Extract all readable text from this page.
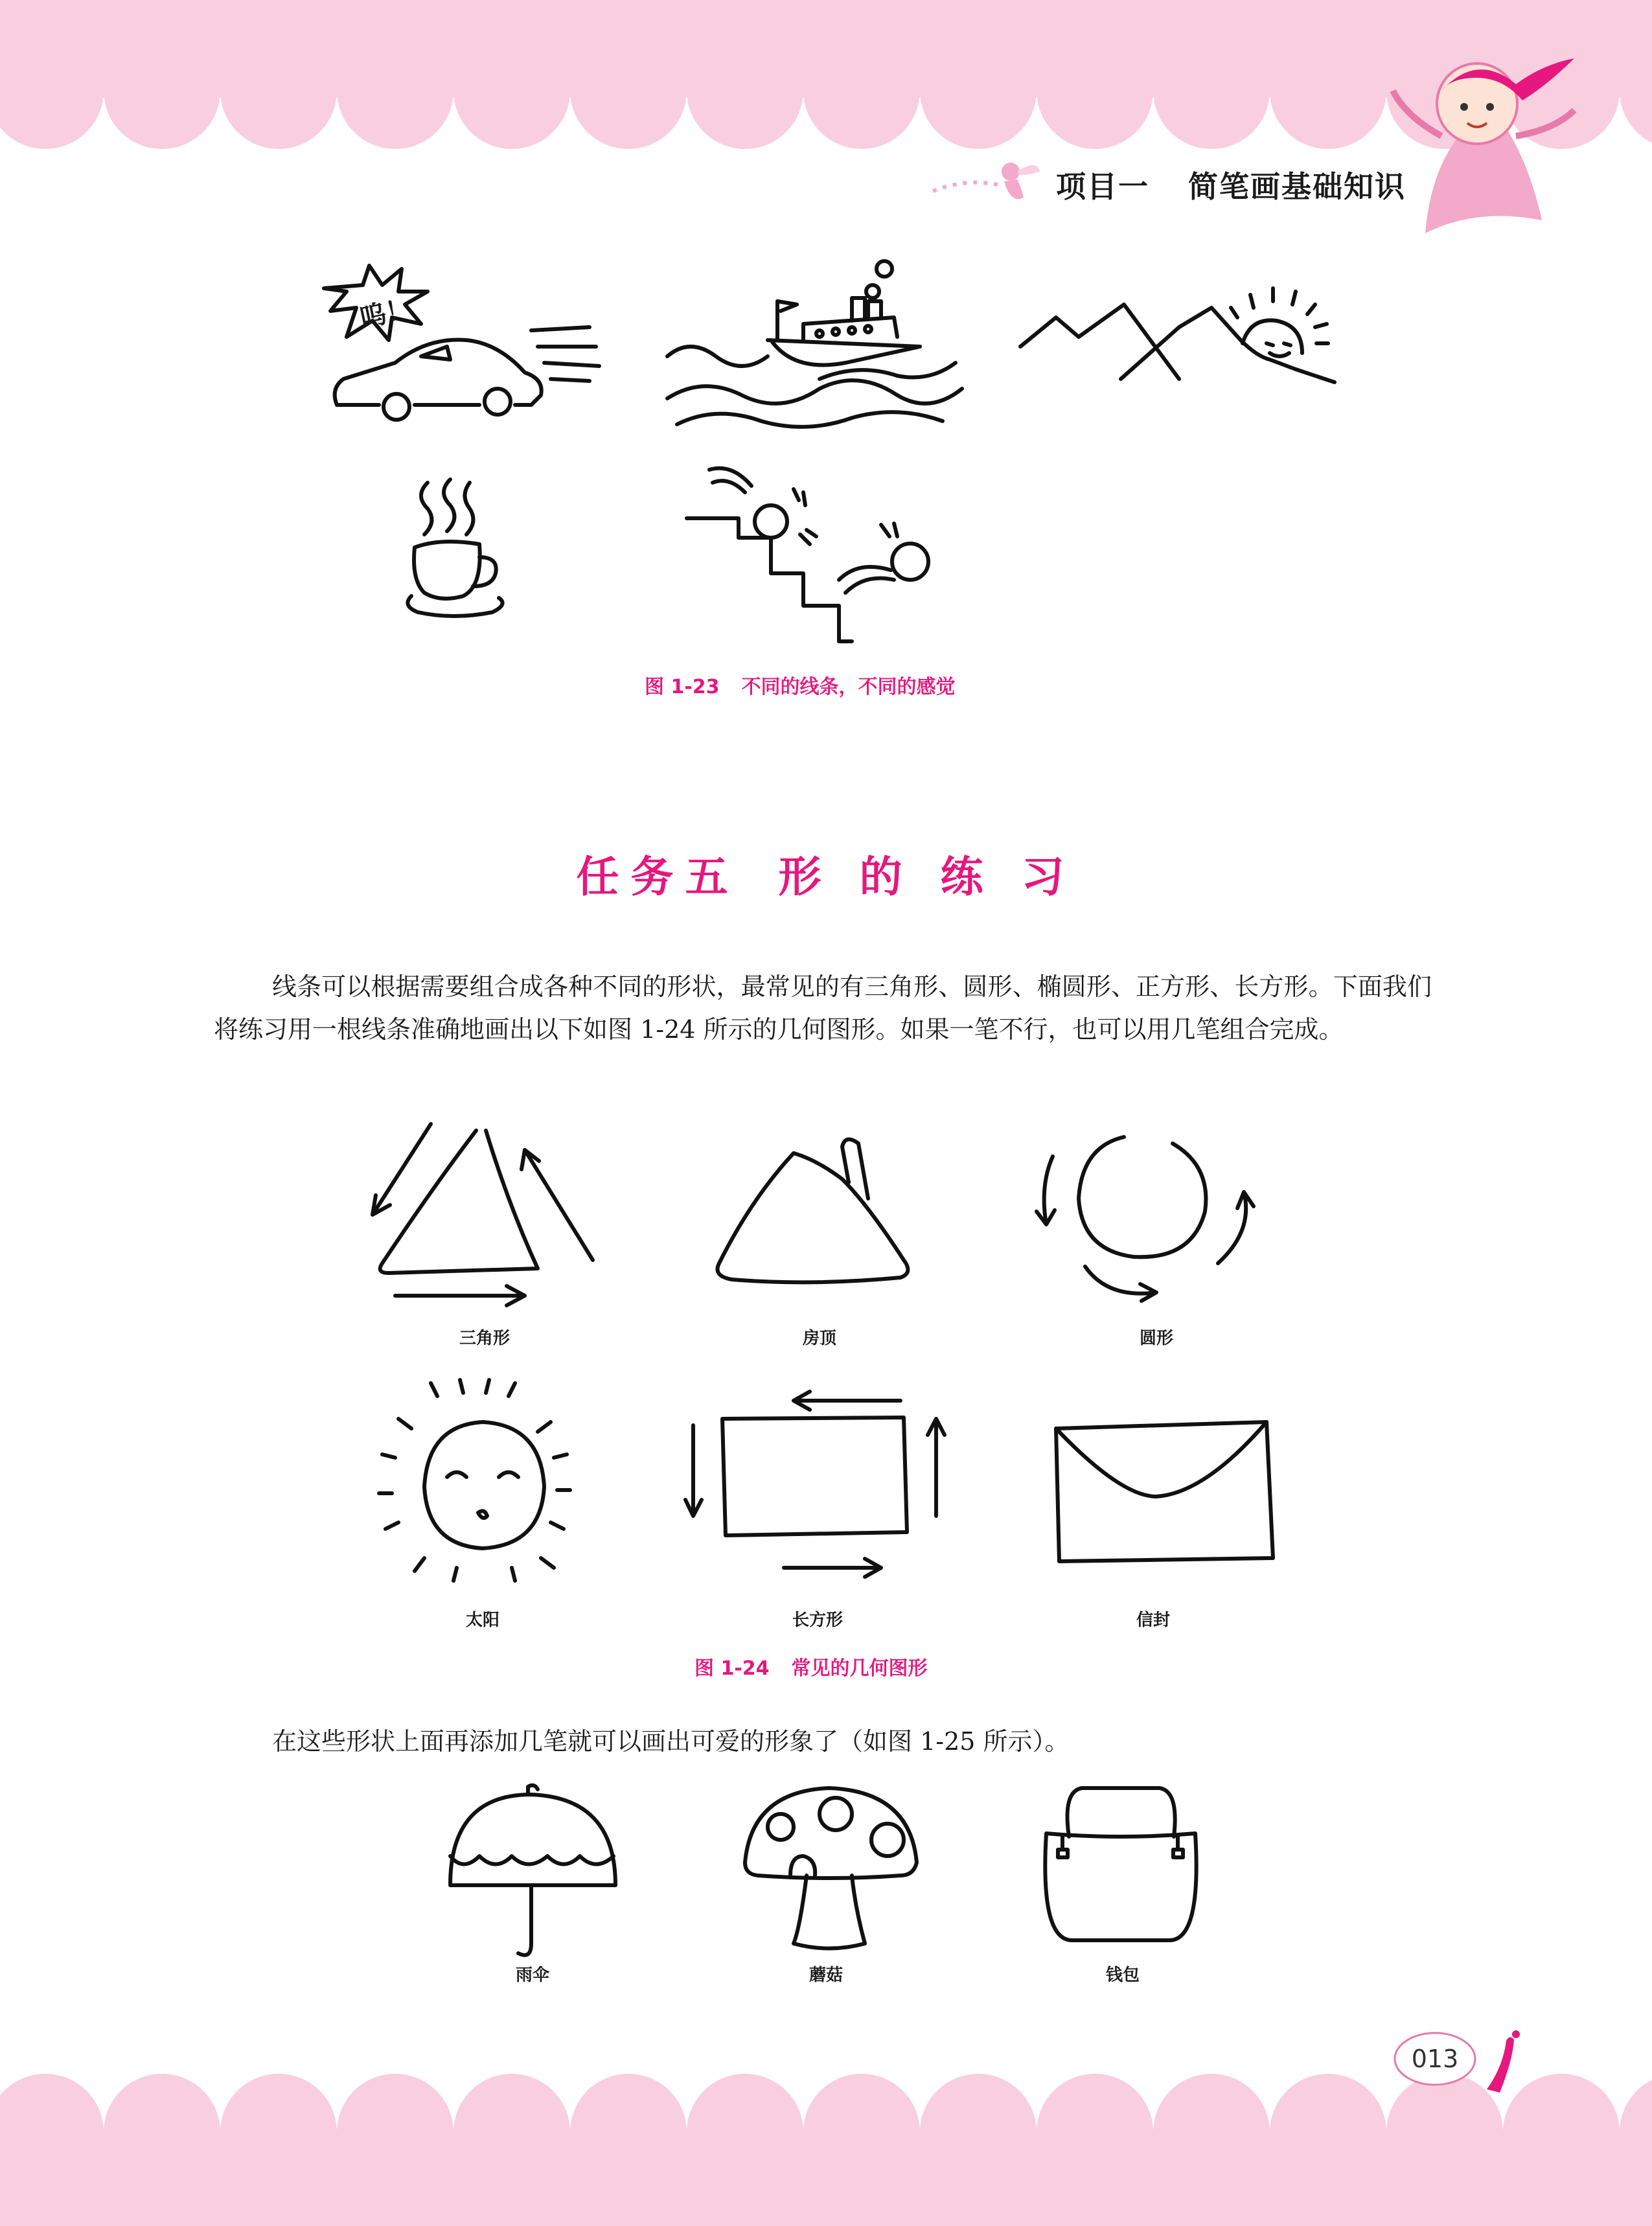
项目一 简笔画基础知识
呜！
图 1-23 不同的线条，不同的感觉
任务五 形 的 练 习
线条可以根据需要组合成各种不同的形状，最常见的有三角形、圆形、椭圆形、正方形、长方形。下面我们将练习用一根线条准确地画出以下如图 1-24 所示的几何图形。如果一笔不行，也可以用几笔组合完成。
三角形	房顶	圆形
太阳	长方形	信封
图 1-24 常见的几何图形
在这些形状上面再添加几笔就可以画出可爱的形象了（如图 1-25 所示）。
雨伞	蘑菇	钱包
013
